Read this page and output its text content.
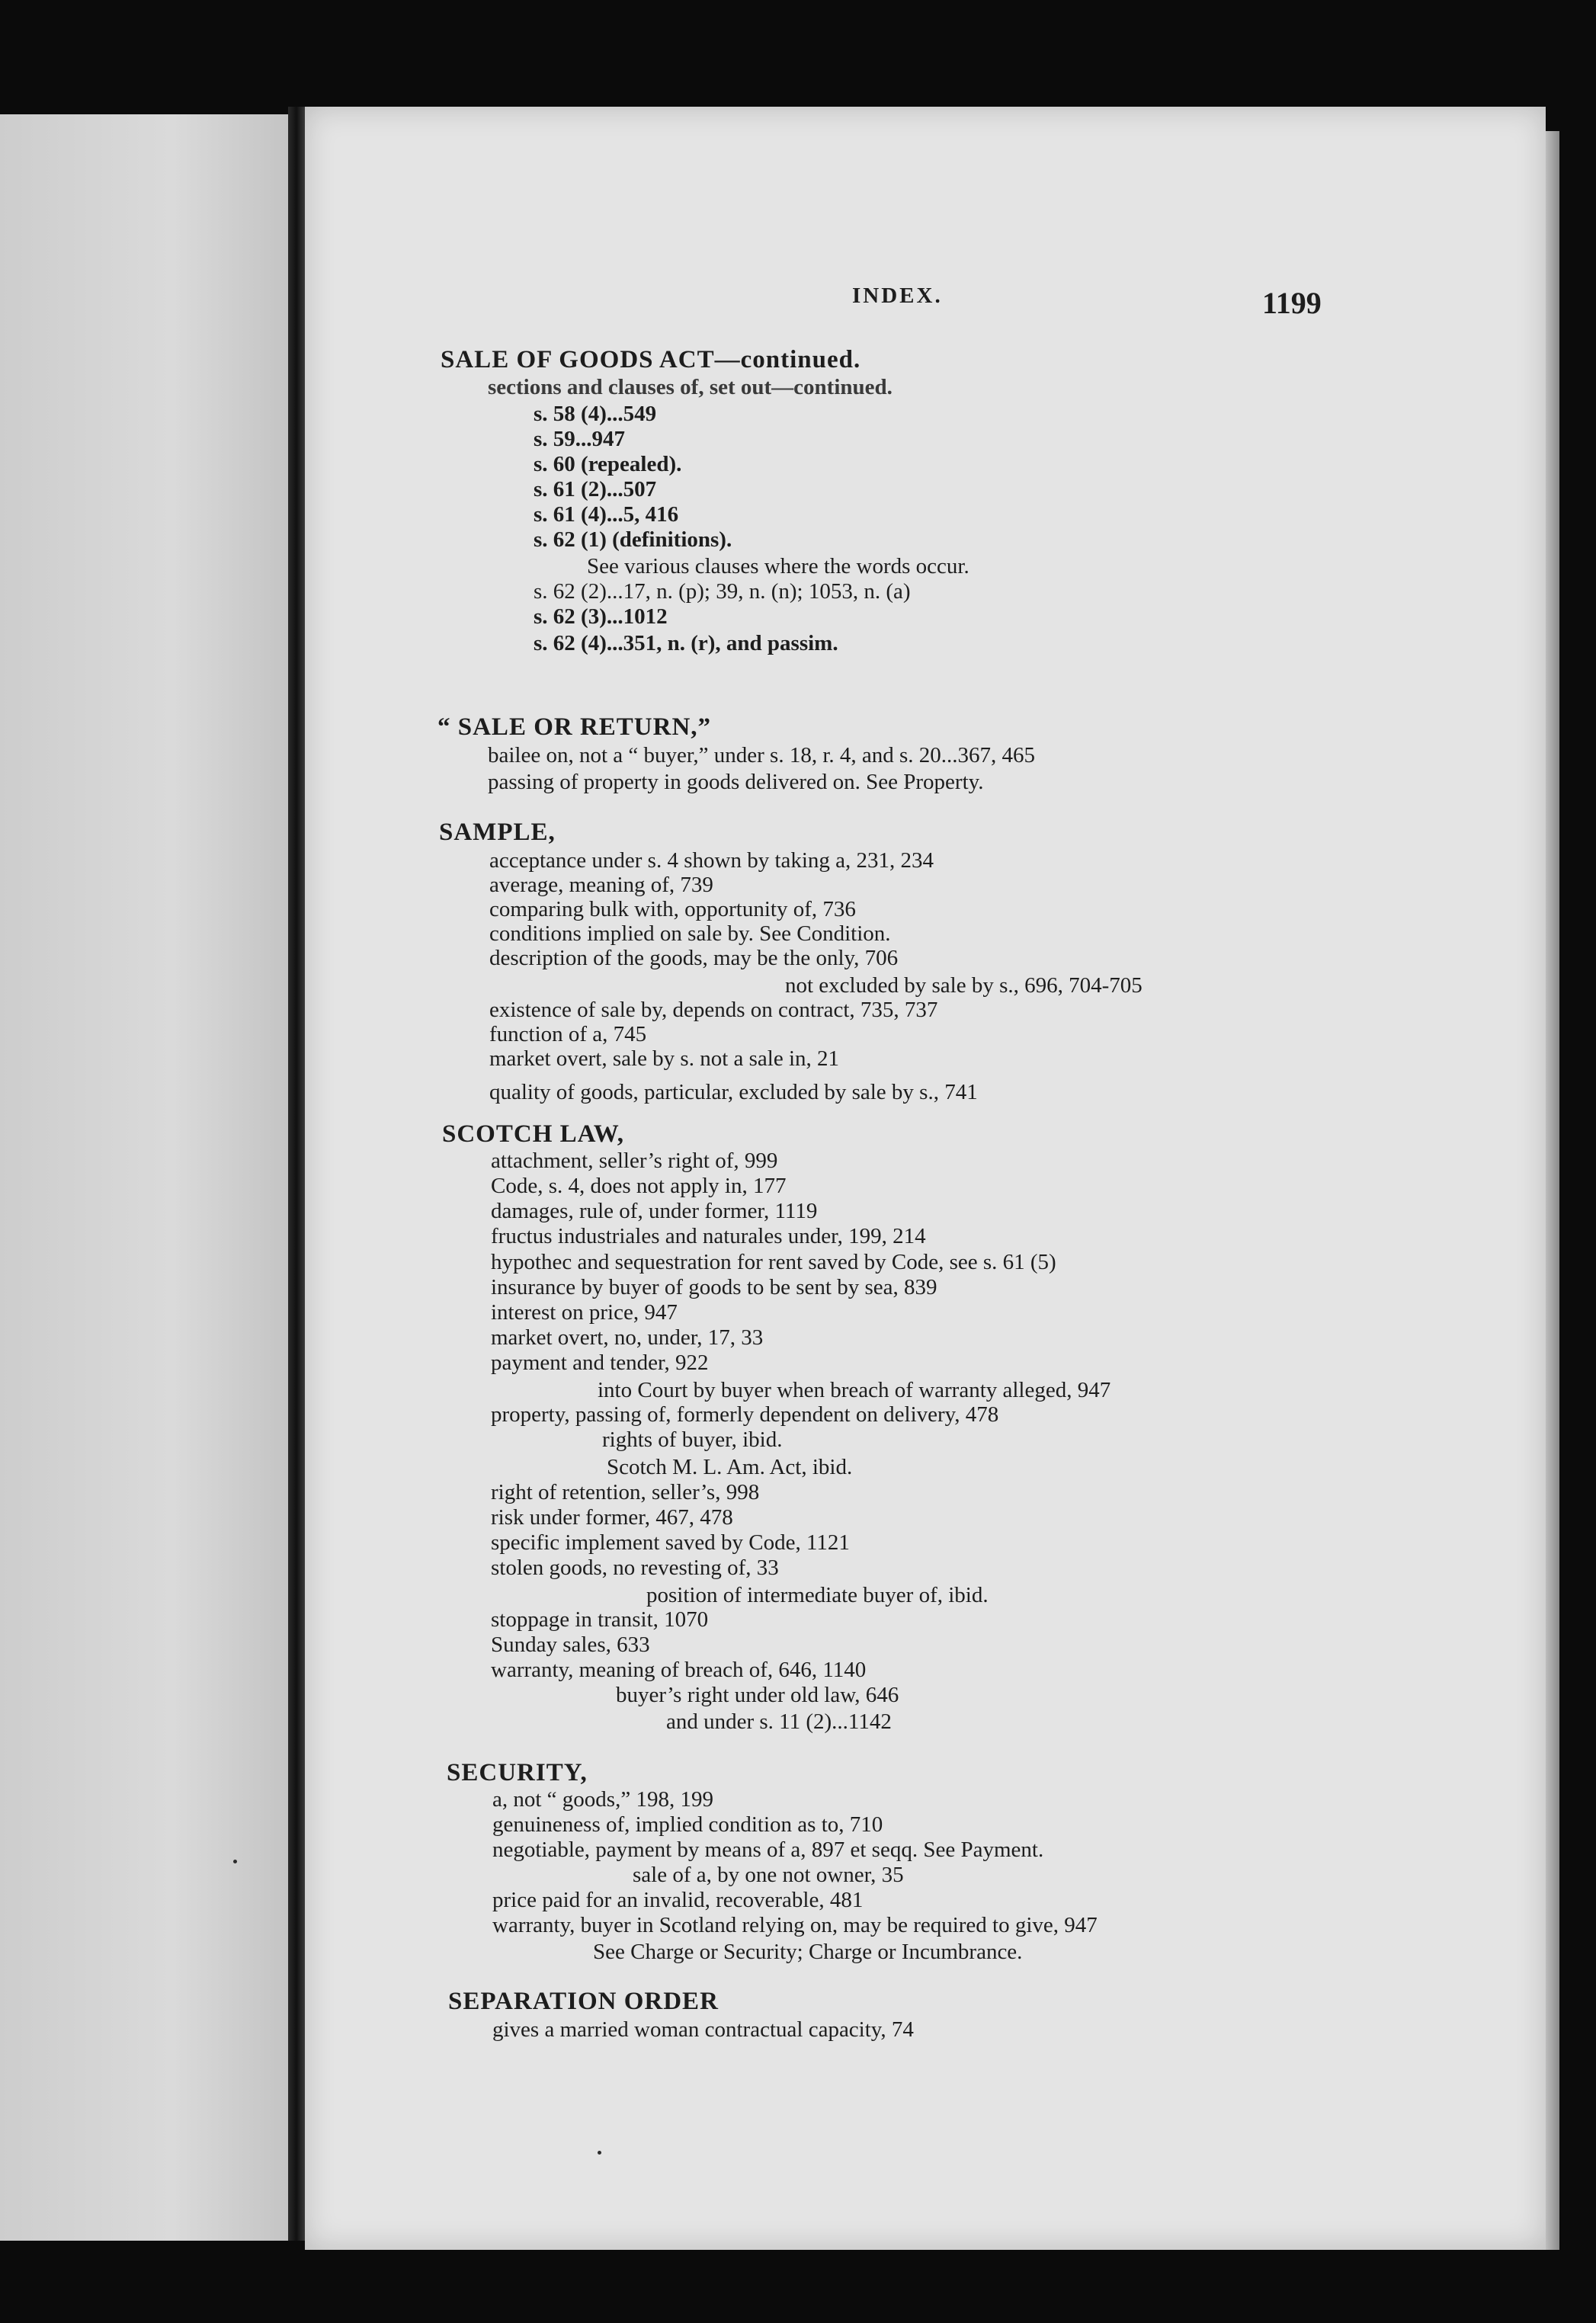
INDEX.	1199
SALE OF GOODS ACT—continued.
sections and clauses of, set out—continued.
s. 58 (4)...549
s. 59...947
s. 60 (repealed).
s. 61 (2)...507
s. 61 (4)...5, 416
s. 62 (1) (definitions).
See various clauses where the words occur.
s. 62 (2)...17, n. (p); 39, n. (n); 1053, n. (a)
s. 62 (3)...1012
s. 62 (4)...351, n. (r), and passim.
“ SALE OR RETURN,”
bailee on, not a “ buyer,” under s. 18, r. 4, and s. 20...367, 465
passing of property in goods delivered on. See Property.
SAMPLE,
acceptance under s. 4 shown by taking a, 231, 234
average, meaning of, 739
comparing bulk with, opportunity of, 736
conditions implied on sale by. See Condition.
description of the goods, may be the only, 706
not excluded by sale by s., 696, 704-705
existence of sale by, depends on contract, 735, 737
function of a, 745
market overt, sale by s. not a sale in, 21
quality of goods, particular, excluded by sale by s., 741
SCOTCH LAW,
attachment, seller’s right of, 999
Code, s. 4, does not apply in, 177
damages, rule of, under former, 1119
fructus industriales and naturales under, 199, 214
hypothec and sequestration for rent saved by Code, see s. 61 (5)
insurance by buyer of goods to be sent by sea, 839
interest on price, 947
market overt, no, under, 17, 33
payment and tender, 922
into Court by buyer when breach of warranty alleged, 947
property, passing of, formerly dependent on delivery, 478
rights of buyer, ibid.
Scotch M. L. Am. Act, ibid.
right of retention, seller’s, 998
risk under former, 467, 478
specific implement saved by Code, 1121
stolen goods, no revesting of, 33
position of intermediate buyer of, ibid.
stoppage in transit, 1070
Sunday sales, 633
warranty, meaning of breach of, 646, 1140
buyer’s right under old law, 646
and under s. 11 (2)...1142
SECURITY,
a, not “ goods,” 198, 199
genuineness of, implied condition as to, 710
negotiable, payment by means of a, 897 et seqq. See Payment.
sale of a, by one not owner, 35
price paid for an invalid, recoverable, 481
warranty, buyer in Scotland relying on, may be required to give, 947
See Charge or Security; Charge or Incumbrance.
SEPARATION ORDER
gives a married woman contractual capacity, 74
